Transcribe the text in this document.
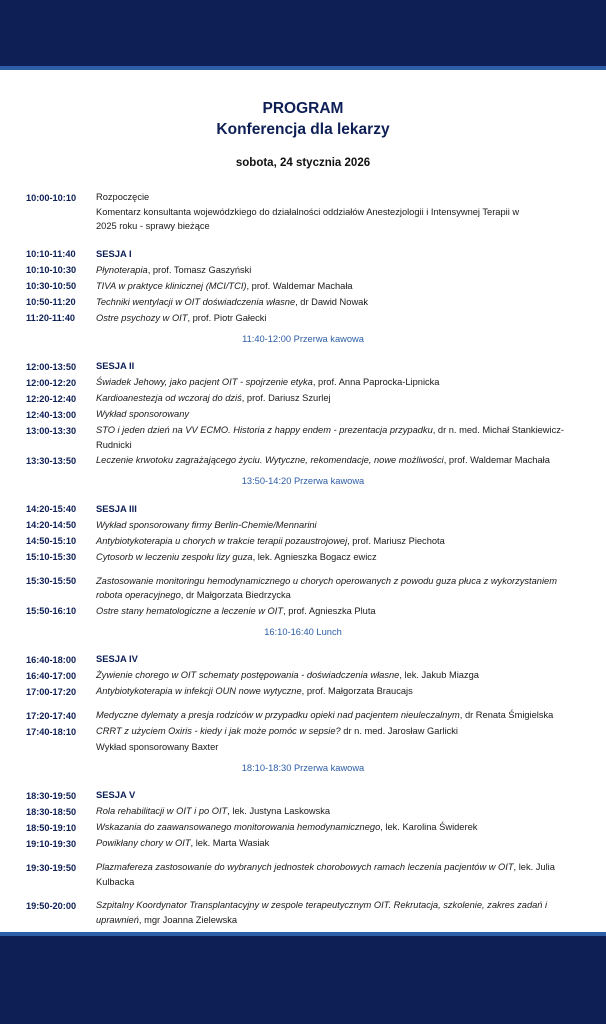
PROGRAM
Konferencja dla lekarzy
sobota, 24 stycznia 2026
10:00-10:10	Rozpoczęcie
Komentarz konsultanta wojewódzkiego do działalności oddziałów Anestezjologii i Intensywnej Terapii w
2025 roku - sprawy bieżące
10:10-11:40	SESJA I
10:10-10:30	Płynoterapia, prof. Tomasz Gaszyński
10:30-10:50	TIVA w praktyce klinicznej (MCI/TCI), prof. Waldemar Machała
10:50-11:20	Techniki wentylacji w OIT doświadczenia własne, dr Dawid Nowak
11:20-11:40	Ostre psychozy w OIT, prof. Piotr Gałecki
11:40-12:00 Przerwa kawowa
12:00-13:50	SESJA II
12:00-12:20	Świadek Jehowy, jako pacjent OIT - spojrzenie etyka, prof. Anna Paprocka-Lipnicka
12:20-12:40	Kardioanestezja od wczoraj do dziś, prof. Dariusz Szurlej
12:40-13:00	Wykład sponsorowany
13:00-13:30	STO i jeden dzień na VV ECMO. Historia z happy endem - prezentacja przypadku, dr n. med. Michał Stankiewicz-Rudnicki
13:30-13:50	Leczenie krwotoku zagrażającego życiu. Wytyczne, rekomendacje, nowe możliwości, prof. Waldemar Machała
13:50-14:20 Przerwa kawowa
14:20-15:40	SESJA III
14:20-14:50	Wykład sponsorowany firmy Berlin-Chemie/Mennarini
14:50-15:10	Antybiotykoterapia u chorych w trakcie terapii pozaustrojowej, prof. Mariusz Piechota
15:10-15:30	Cytosorb w leczeniu zespołu lizy guza, lek. Agnieszka Bogacz ewicz
15:30-15:50	Zastosowanie monitoringu hemodynamicznego u chorych operowanych z powodu guza płuca z wykorzystaniem robota operacyjnego, dr Małgorzata Biedrzycka
15:50-16:10	Ostre stany hematologiczne a leczenie w OIT, prof. Agnieszka Pluta
16:10-16:40 Lunch
16:40-18:00	SESJA IV
16:40-17:00	Żywienie chorego w OIT schematy postępowania - doświadczenia własne, lek. Jakub Miazga
17:00-17:20	Antybiotykoterapia w infekcji OUN nowe wytyczne, prof. Małgorzata Braucajs
17:20-17:40	Medyczne dylematy a presja rodziców w przypadku opieki nad pacjentem nieuleczalnym, dr Renata Śmigielska
17:40-18:10	CRRT z użyciem Oxiris - kiedy i jak może pomóc w sepsie? dr n. med. Jarosław Garlicki
Wykład sponsorowany Baxter
18:10-18:30 Przerwa kawowa
18:30-19:50	SESJA V
18:30-18:50	Rola rehabilitacji w OIT i po OIT, lek. Justyna Laskowska
18:50-19:10	Wskazania do zaawansowanego monitorowania hemodynamicznego, lek. Karolina Świderek
19:10-19:30	Powikłany chory w OIT, lek. Marta Wasiak
19:30-19:50	Plazmafereza zastosowanie do wybranych jednostek chorobowych ramach leczenia pacjentów w OIT, lek. Julia Kulbacka
19:50-20:00	Szpitalny Koordynator Transplantacyjny w zespole terapeutycznym OIT. Rekrutacja, szkolenie, zakres zadań i uprawnień, mgr Joanna Zielewska
